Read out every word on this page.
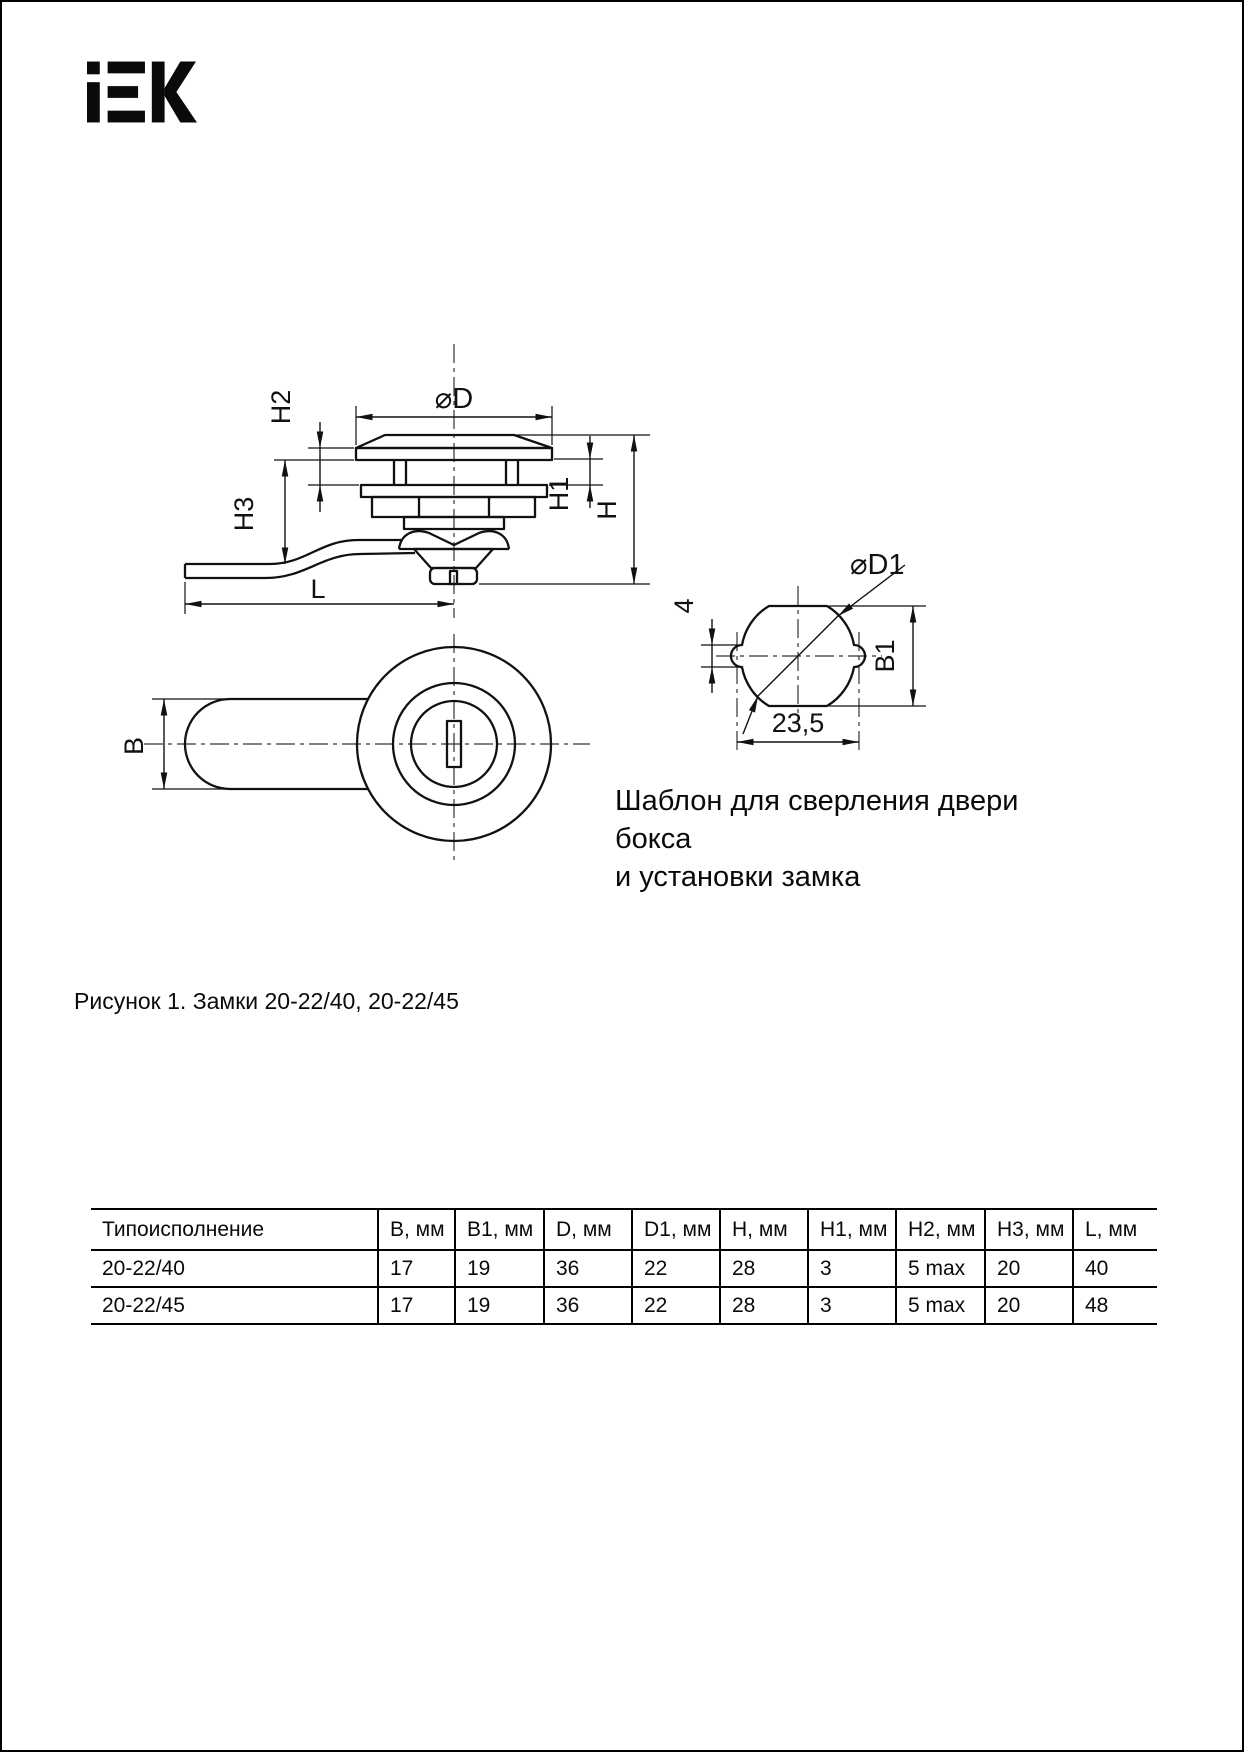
⌀D
H2
H3
H1 H
L
B
⌀D1
4
B1
23,5
Шаблон для сверления двери бокса
и установки замка
Рисунок 1. Замки 20-22/40, 20-22/45
Типоисполнение	B, мм	B1, мм	D, мм	D1, мм	H, мм	H1, мм	H2, мм	H3, мм	L, мм
20-22/40	17	19	36	22	28	3	5 max	20	40
20-22/45	17	19	36	22	28	3	5 max	20	48
